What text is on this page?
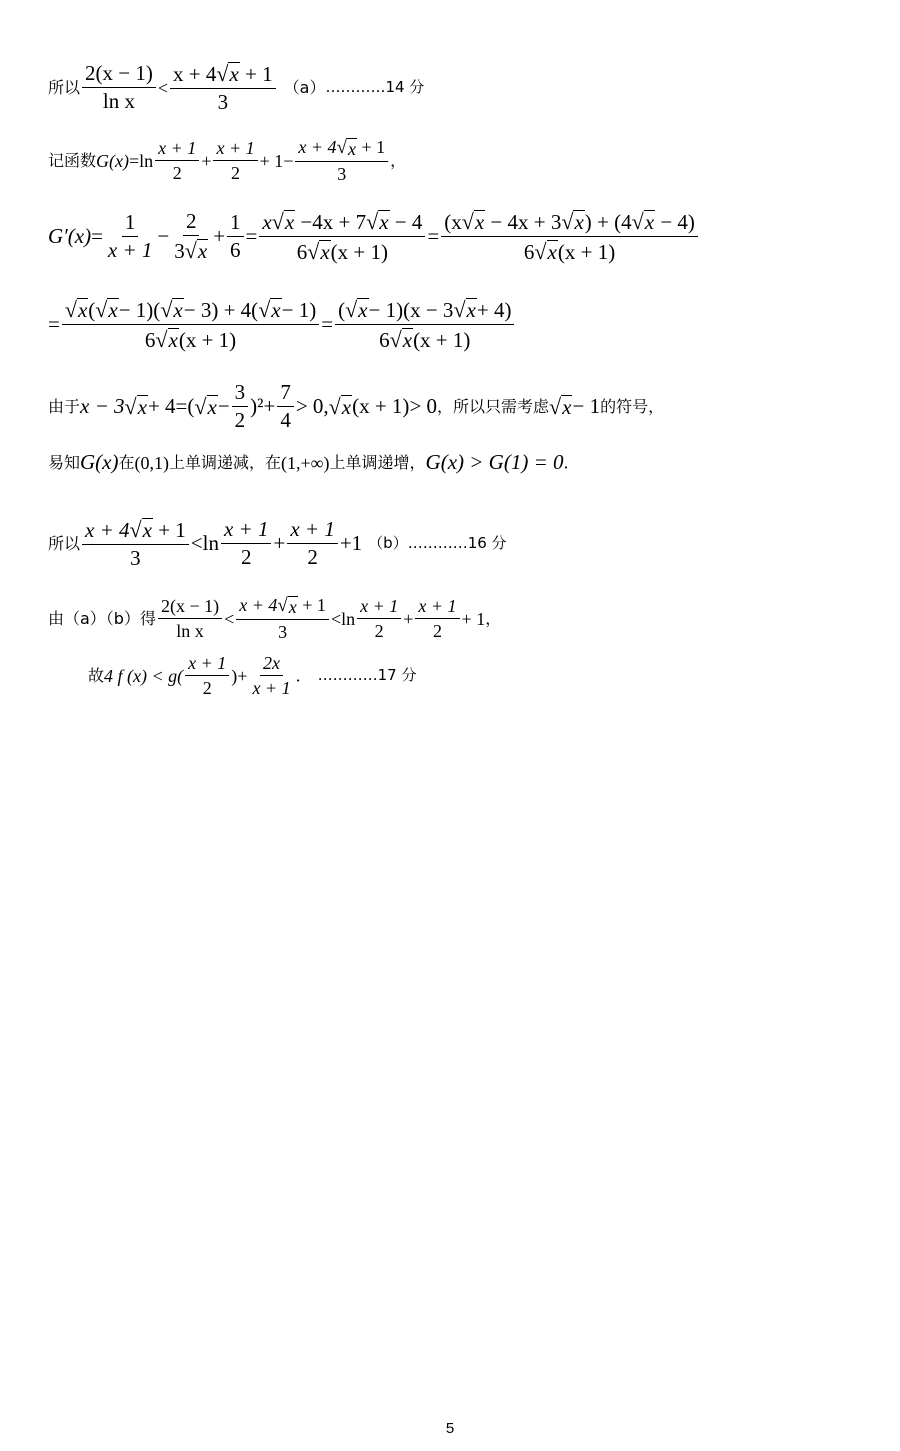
所以 $\frac{2(x - 1)}{\text{ln x}} < \frac{x + 4 √ x + 1}{3} (a)$ …………14 分
记函数 $G(x) = \ln \frac{x + 1}{2} + \frac{x + 1}{2} + 1 - \frac{x + 4 √ x + 1}{3}$ ，
$G'(x) = \frac{1}{x + 1} - \frac{2}{3 √ x} + \frac{1}{6} = \frac{x √ x -4x + 7 √ x - 4}{6 √ x (x + 1)} = \frac{(x √ x - 4x + 3 √ x ) + (4 √ x - 4)}{6 √ x (x + 1)}$
= $\frac{√ x ( √ x - 1)( √ x - 3) + 4( √ x - 1)}{6 √ x (x + 1)} = \frac{( √ x - 1)(x - 3 √ x + 4)}{6 √ x (x + 1)}$
由于 x − 3 √ x + 4 = ( √ $x - \frac{3}{2} )^2 + \frac{7}{4} > 0$, √ x (x + 1) > 0 ，所以只需考虑 √ x − 1 的符号，
易知 G(x) 在 (0,1) 上单调递减，在 (1,+∞) 上单调递增， G(x) > G(1) = 0 ．
所以 $\frac{x + 4 √ x + 1}{3} < \ln \frac{x + 1}{2} + \frac{x + 1}{2} +1$ （b） …………16 分
由（a）（b）得 $\frac{2(x - 1)}{\text{ln x}} < \frac{x + 4 √ x + 1}{3} < \ln \frac{x + 1}{2} + \frac{x + 1}{2} + 1$ ，
故 4 f $(x) < g( \frac{x + 1}{2}$ ) + $\frac{2x}{x + 1}$ ． …………17 分
5
